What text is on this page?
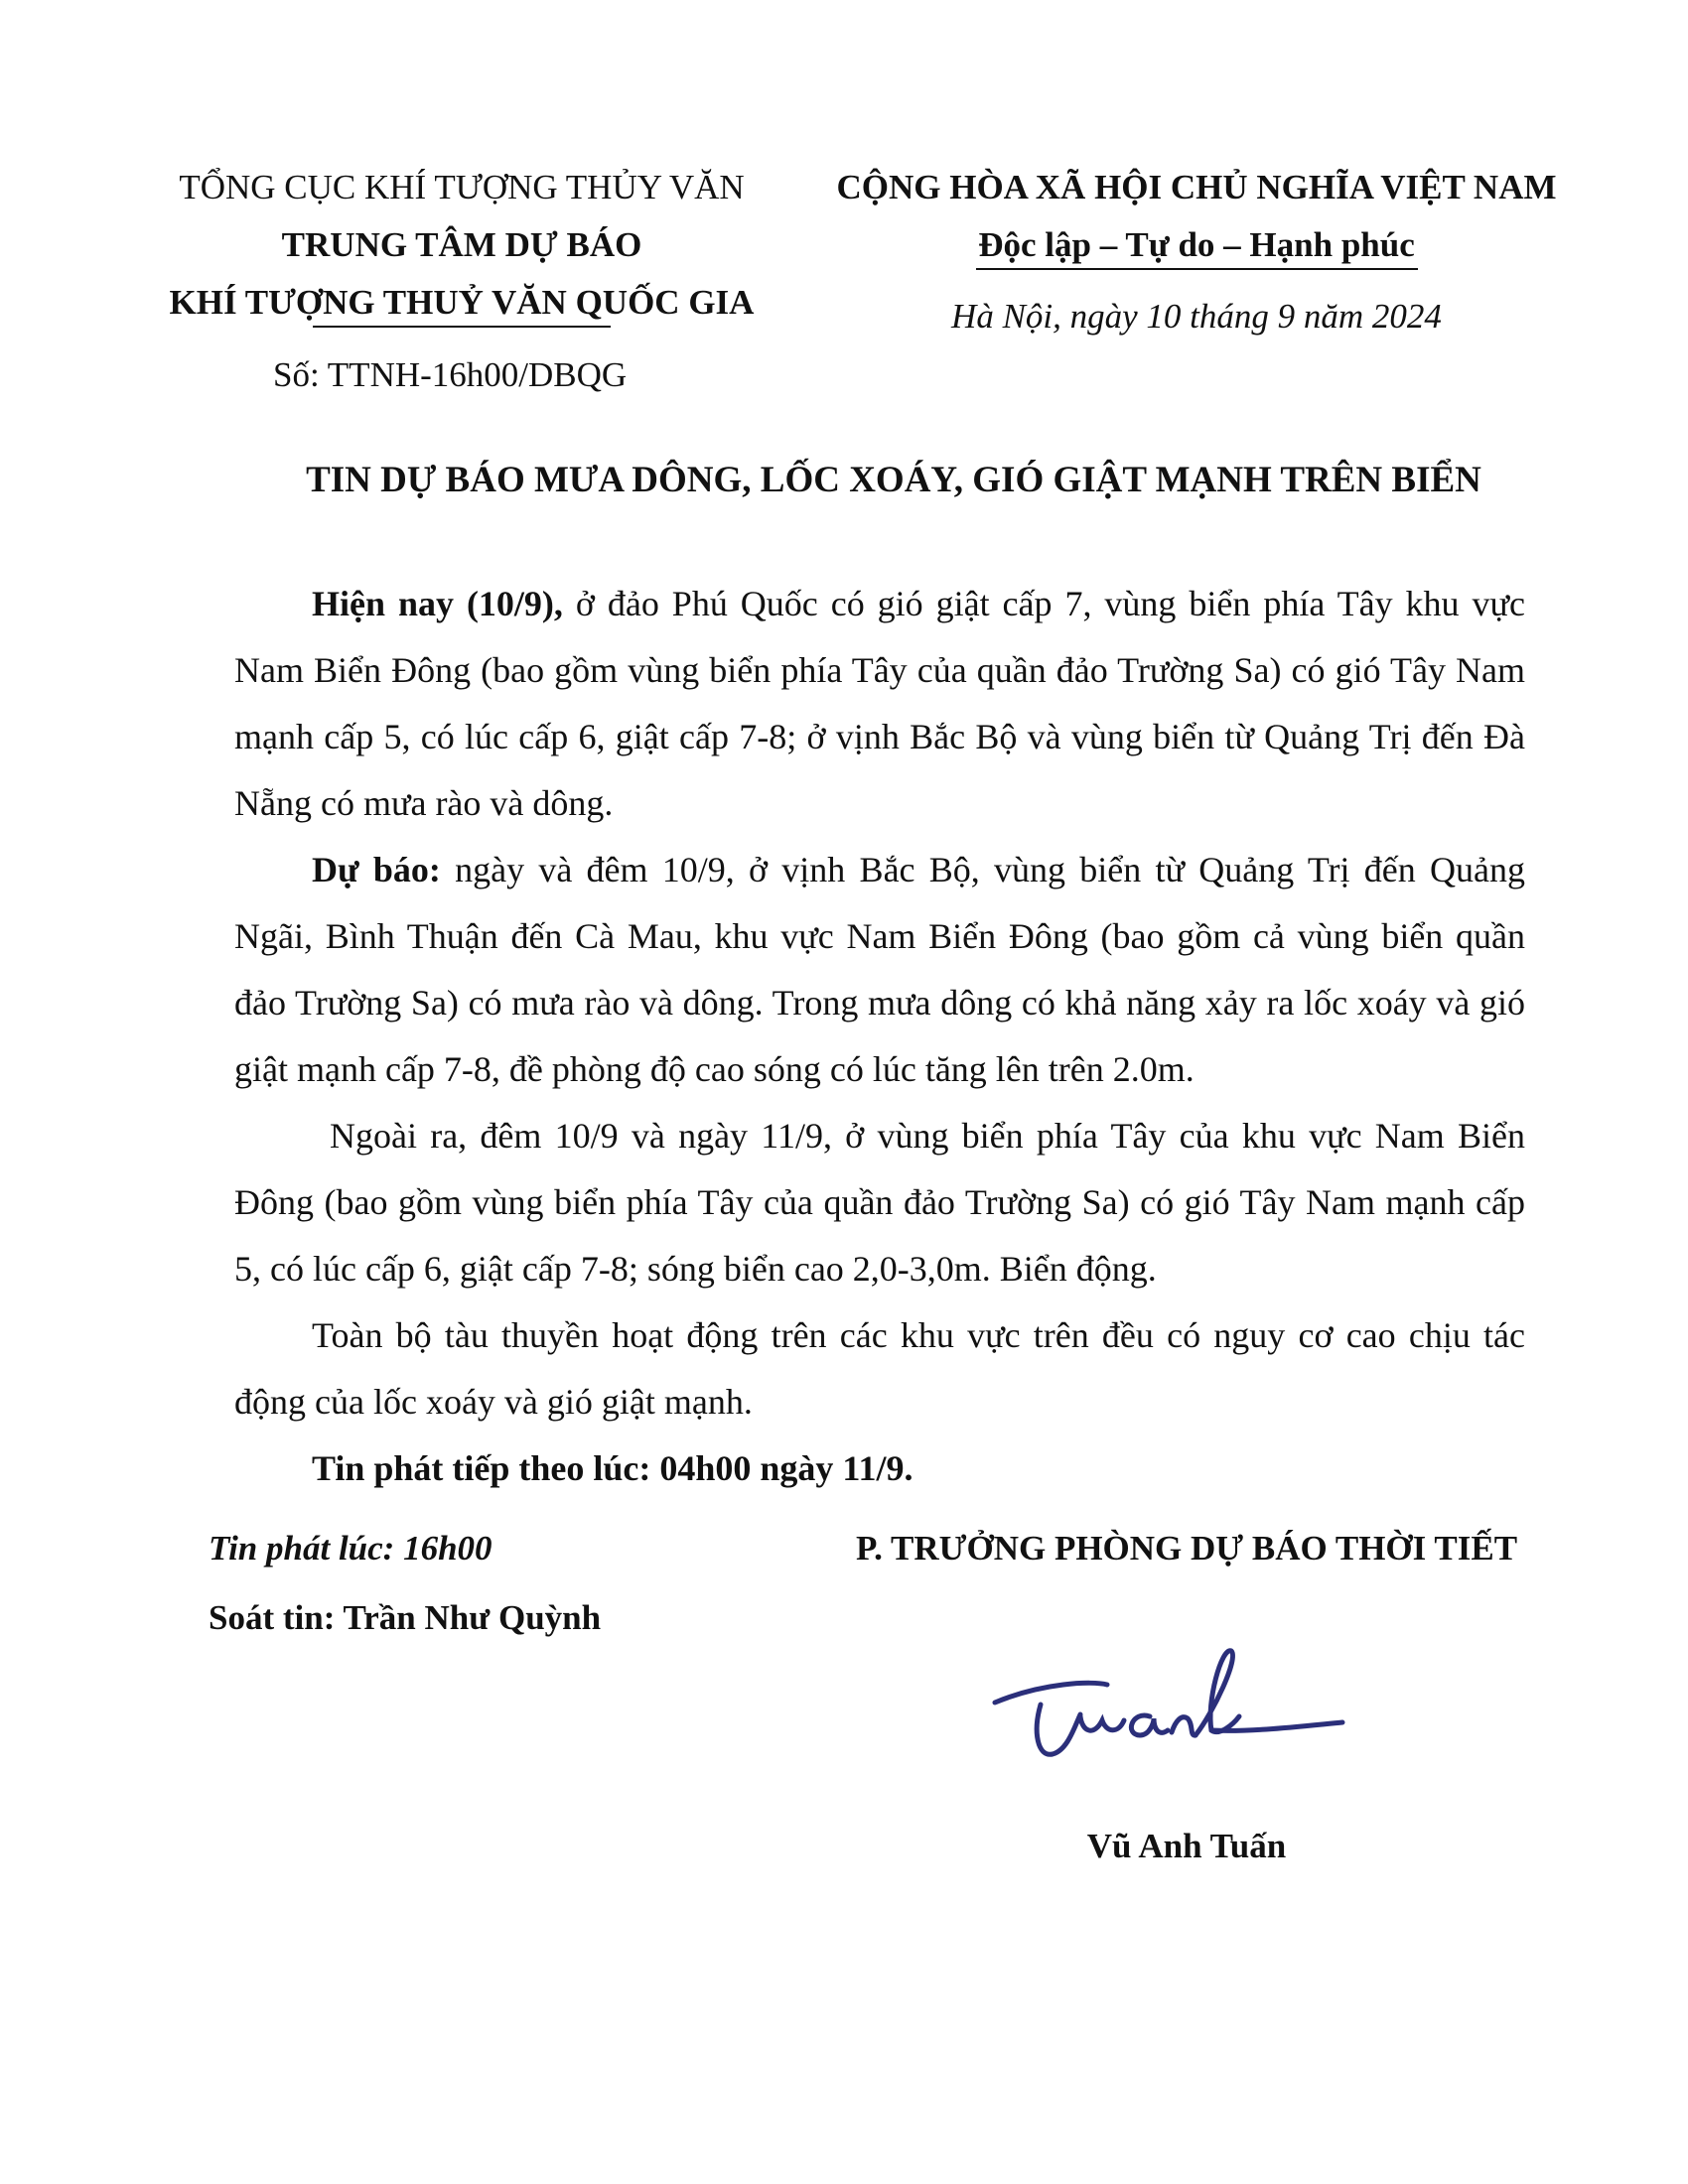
TỔNG CỤC KHÍ TƯỢNG THỦY VĂN
TRUNG TÂM DỰ BÁO
KHÍ TƯỢNG THUỶ VĂN QUỐC GIA
Số: TTNH-16h00/DBQG
CỘNG HÒA XÃ HỘI CHỦ NGHĨA VIỆT NAM
Độc lập – Tự do – Hạnh phúc
Hà Nội, ngày 10 tháng 9 năm 2024
TIN DỰ BÁO MƯA DÔNG, LỐC XOÁY, GIÓ GIẬT MẠNH TRÊN BIỂN

Hiện nay (10/9), ở đảo Phú Quốc có gió giật cấp 7, vùng biển phía Tây khu vực Nam Biển Đông (bao gồm vùng biển phía Tây của quần đảo Trường Sa) có gió Tây Nam mạnh cấp 5, có lúc cấp 6, giật cấp 7-8; ở vịnh Bắc Bộ và vùng biển từ Quảng Trị đến Đà Nẵng có mưa rào và dông.

Dự báo: ngày và đêm 10/9, ở vịnh Bắc Bộ, vùng biển từ Quảng Trị đến Quảng Ngãi, Bình Thuận đến Cà Mau, khu vực Nam Biển Đông (bao gồm cả vùng biển quần đảo Trường Sa) có mưa rào và dông. Trong mưa dông có khả năng xảy ra lốc xoáy và gió giật mạnh cấp 7-8, đề phòng độ cao sóng có lúc tăng lên trên 2.0m.

Ngoài ra, đêm 10/9 và ngày 11/9, ở vùng biển phía Tây của khu vực Nam Biển Đông (bao gồm vùng biển phía Tây của quần đảo Trường Sa) có gió Tây Nam mạnh cấp 5, có lúc cấp 6, giật cấp 7-8; sóng biển cao 2,0-3,0m. Biển động.

Toàn bộ tàu thuyền hoạt động trên các khu vực trên đều có nguy cơ cao chịu tác động của lốc xoáy và gió giật mạnh.

Tin phát tiếp theo lúc: 04h00 ngày 11/9.

Tin phát lúc: 16h00
Soát tin: Trần Như Quỳnh
P. TRƯỞNG PHÒNG DỰ BÁO THỜI TIẾT
Vũ Anh Tuấn
